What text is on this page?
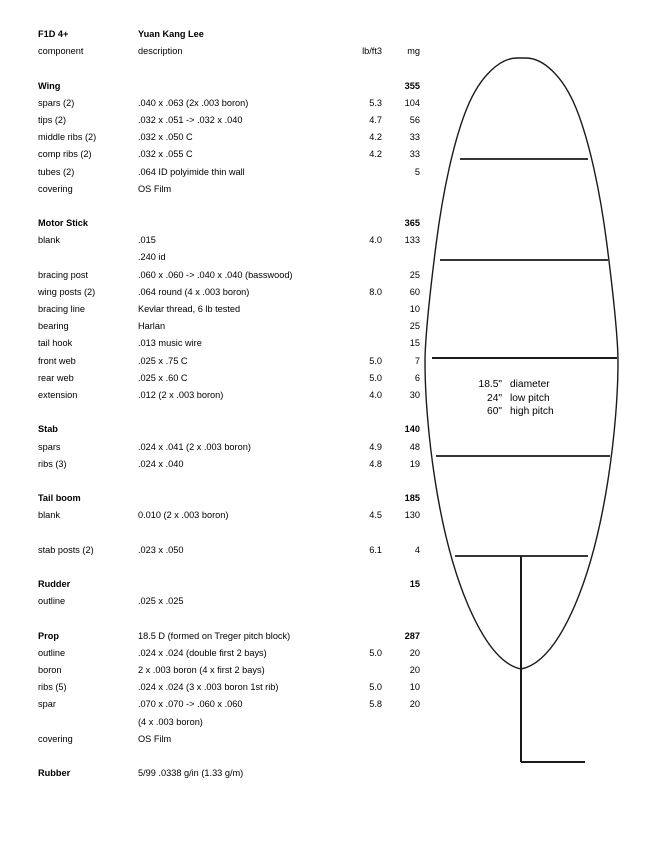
F1D 4+	Yuan Kang Lee		
component	description	lb/ft3	mg

Wing			355
spars (2)	.040 x .063 (2x .003 boron)	5.3	104
tips (2)	.032 x .051 -> .032 x .040	4.7	56
middle ribs (2)	.032 x .050 C	4.2	33
comp ribs (2)	.032 x .055 C	4.2	33
tubes (2)	.064 ID polyimide thin wall		5
covering	OS Film		

Motor Stick			365
blank	.015	4.0	133
	.240 id		
bracing post	.060 x .060 -> .040 x .040 (basswood)		25
wing posts (2)	.064 round (4 x .003 boron)	8.0	60
bracing line	Kevlar thread, 6 lb tested		10
bearing	Harlan		25
tail hook	.013 music wire		15
front web	.025 x .75 C	5.0	7
rear web	.025 x .60 C	5.0	6
extension	.012 (2 x .003 boron)	4.0	30

Stab			140
spars	.024 x .041 (2 x .003 boron)	4.9	48
ribs (3)	.024 x .040	4.8	19

Tail boom			185
blank	0.010 (2 x .003 boron)	4.5	130

stab posts (2)	.023 x .050	6.1	4

Rudder			15
outline	.025 x .025		

Prop	18.5 D (formed on Treger pitch block)		287
outline	.024 x .024 (double first 2 bays)	5.0	20
boron	2 x .003 boron (4 x first 2 bays)		20
ribs (5)	.024 x .024 (3 x .003 boron 1st rib)	5.0	10
spar	.070 x .070 -> .060 x .060	5.8	20
	(4 x .003 boron)		
covering	OS Film		

Rubber	5/99 .0338 g/in (1.33 g/m)		
18.5" diameter
24" low pitch
60" high pitch
